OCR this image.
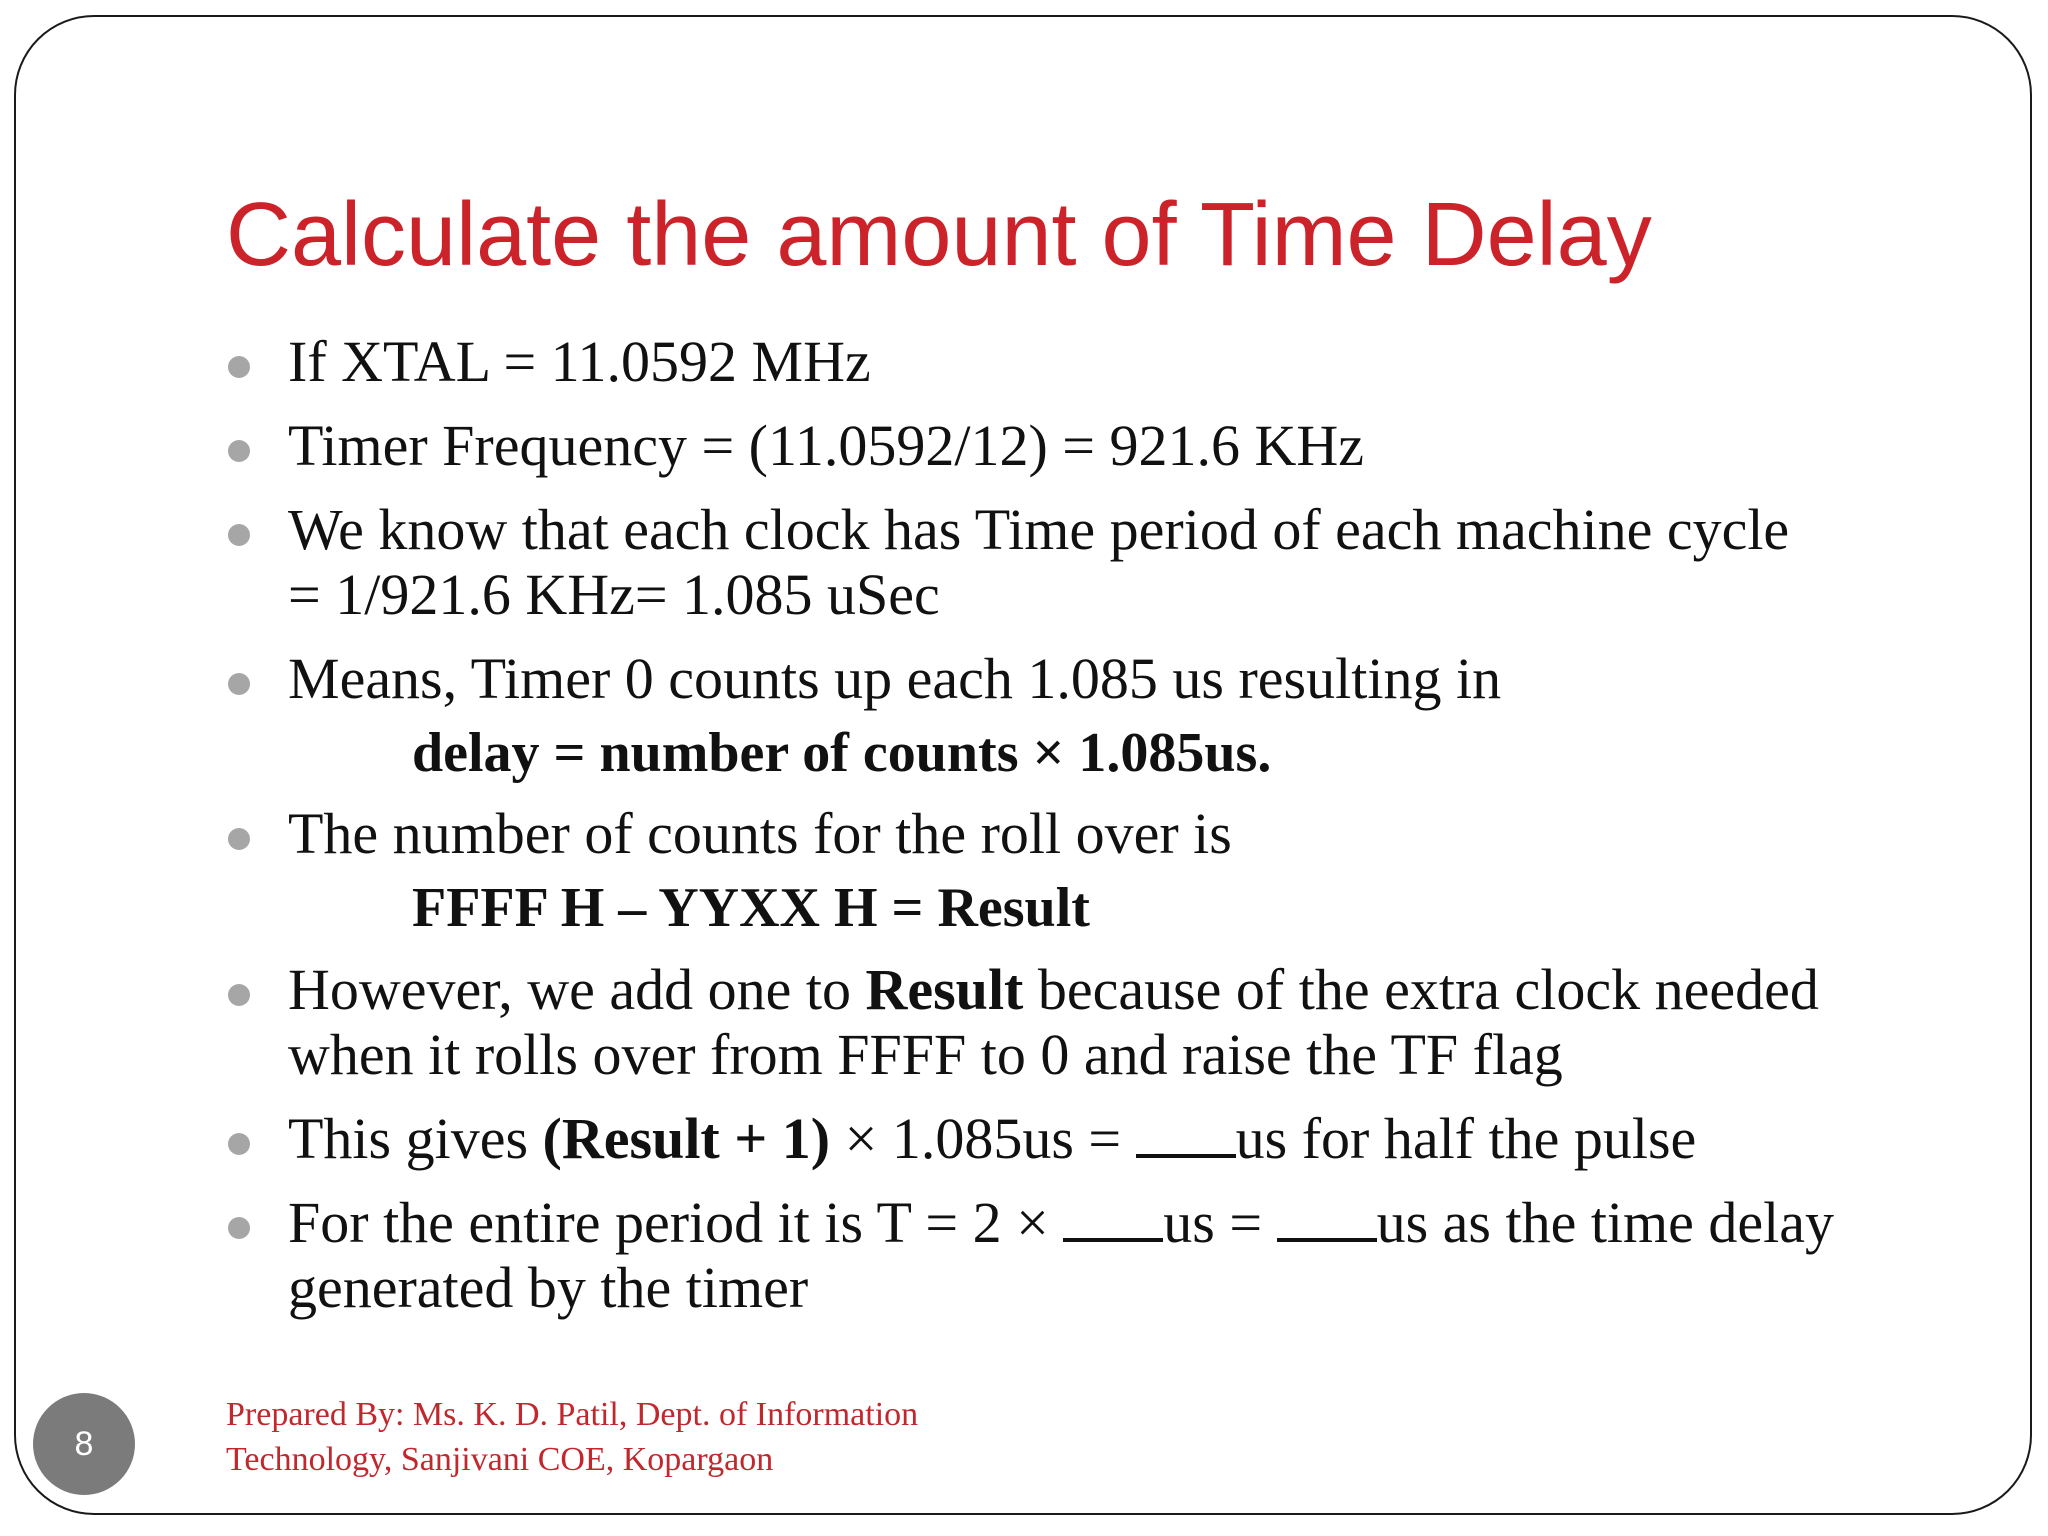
Calculate the amount of Time Delay
If XTAL = 11.0592 MHz
Timer Frequency = (11.0592/12) = 921.6 KHz
We know that each clock has Time period of each machine cycle
= 1/921.6 KHz= 1.085 uSec
Means, Timer 0 counts up each 1.085 us resulting in
delay = number of counts × 1.085us.
The number of counts for the roll over is
FFFF H – YYXX H = Result
However, we add one to Result because of the extra clock needed
when it rolls over from FFFF to 0 and raise the TF flag
This gives (Result + 1) × 1.085us = us for half the pulse
For the entire period it is T = 2 × us = us as the time delay
generated by the timer
8
Prepared By: Ms. K. D. Patil, Dept. of Information
Technology, Sanjivani COE, Kopargaon
